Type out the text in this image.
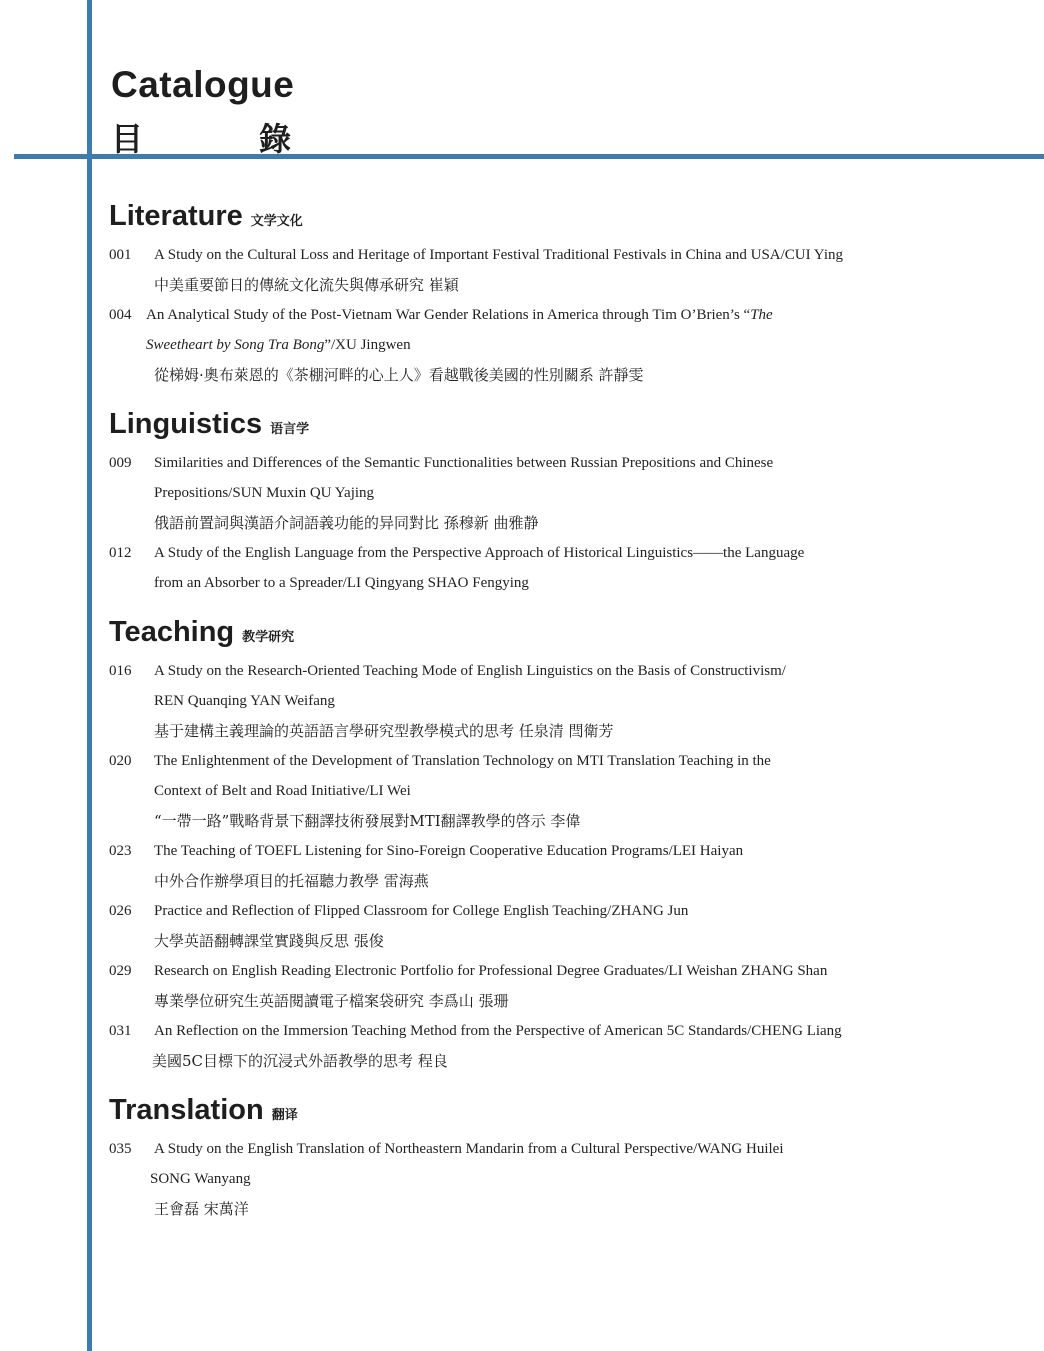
Catalogue
目	錄
Literature 文学文化
001	A Study on the Cultural Loss and Heritage of Important Festival Traditional Festivals in China and USA/CUI Ying
中美重要節日的傳統文化流失與傳承研究 崔穎
004 An Analytical Study of the Post-Vietnam War Gender Relations in America through Tim O’Brien’s “The
Sweetheart by Song Tra Bong”/XU Jingwen
從梯姆·奧布萊恩的《茶棚河畔的心上人》看越戰後美國的性別關系 許靜雯
Linguistics 语言学
009	Similarities and Differences of the Semantic Functionalities between Russian Prepositions and Chinese
Prepositions/SUN Muxin QU Yajing
俄語前置詞與漢語介詞語義功能的异同對比 孫穆新 曲雅静
012	A Study of the English Language from the Perspective Approach of Historical Linguistics——the Language
from an Absorber to a Spreader/LI Qingyang SHAO Fengying
Teaching 教学研究
016	A Study on the Research-Oriented Teaching Mode of English Linguistics on the Basis of Constructivism/
REN Quanqing YAN Weifang
基于建構主義理論的英語語言學研究型教學模式的思考 任泉清 閆衛芳
020	The Enlightenment of the Development of Translation Technology on MTI Translation Teaching in the
Context of Belt and Road Initiative/LI Wei
“一帶一路”戰略背景下翻譯技術發展對MTI翻譯教學的啓示 李偉
023	The Teaching of TOEFL Listening for Sino-Foreign Cooperative Education Programs/LEI Haiyan
中外合作辦學項目的托福聽力教學 雷海燕
026	Practice and Reflection of Flipped Classroom for College English Teaching/ZHANG Jun
大學英語翻轉課堂實踐與反思 張俊
029	Research on English Reading Electronic Portfolio for Professional Degree Graduates/LI Weishan ZHANG Shan
專業學位研究生英語閱讀電子檔案袋研究 李爲山 張珊
031	An Reflection on the Immersion Teaching Method from the Perspective of American 5C Standards/CHENG Liang
美國5C目標下的沉浸式外語教學的思考 程良
Translation 翻译
035	A Study on the English Translation of Northeastern Mandarin from a Cultural Perspective/WANG Huilei
SONG Wanyang
王會磊 宋萬洋
